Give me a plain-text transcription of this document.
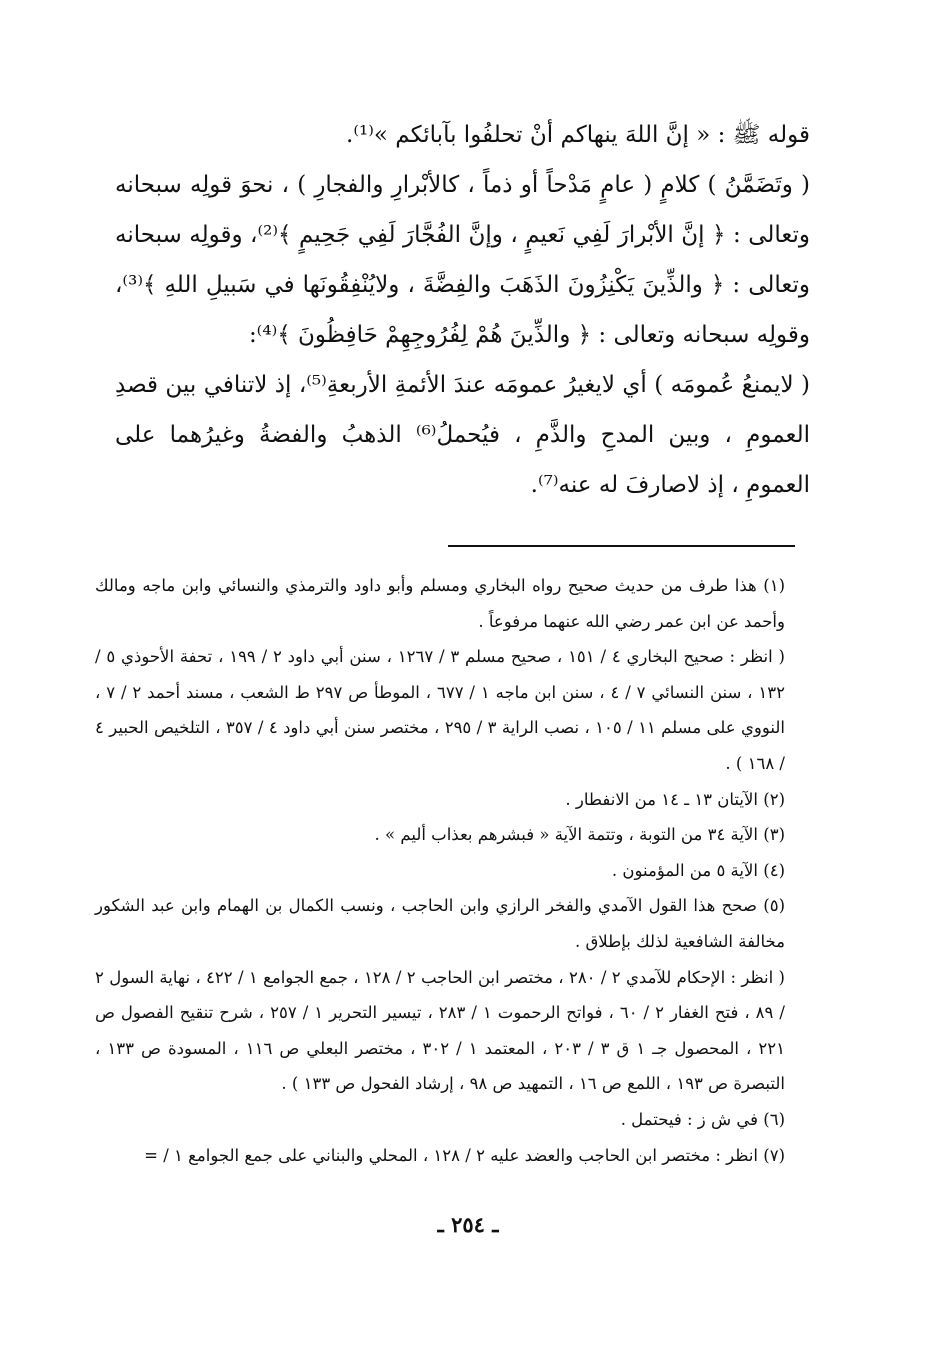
قوله ﷺ : « إنَّ اللهَ ينهاكم أنْ تحلفُوا بآبائكم »⁽¹⁾.

( وتَضَمَّنُ ) كلامٍ ( عامٍ مَدْحاً أو ذماً ، كالأبْرارِ والفجارِ ) ، نحوَ قولِه سبحانه وتعالى : ﴿ إنَّ الأبْرارَ لَفِي نَعيمٍ ، وإنَّ الفُجَّارَ لَفِي جَحِيمٍ ﴾⁽²⁾، وقولِه سبحانه وتعالى : ﴿ والذِّينَ يَكْنِزُونَ الذَهَبَ والفِضَّةَ ، ولايُنْفِقُونَها في سَبيلِ اللهِ ﴾⁽³⁾، وقولِه سبحانه وتعالى : ﴿ والذِّينَ هُمْ لِفُرُوجِهِمْ حَافِظُونَ ﴾⁽⁴⁾:

( لايمنعُ عُمومَه ) أي لايغيرُ عمومَه عندَ الأئمةِ الأربعةِ⁽⁵⁾، إذ لاتنافي بين قصدِ العمومِ ، وبين المدحِ والذَّمِ ، فيُحملُ⁽⁶⁾ الذهبُ والفضةُ وغيرُهما على العمومِ ، إذ لاصارفَ له عنه⁽⁷⁾.

(١) هذا طرف من حديث صحيح رواه البخاري ومسلم وأبو داود والترمذي والنسائي وابن ماجه ومالك وأحمد عن ابن عمر رضي الله عنهما مرفوعاً .

( انظر : صحيح البخاري ٤ / ١٥١ ، صحيح مسلم ٣ / ١٢٦٧ ، سنن أبي داود ٢ / ١٩٩ ، تحفة الأحوذي ٥ / ١٣٢ ، سنن النسائي ٧ / ٤ ، سنن ابن ماجه ١ / ٦٧٧ ، الموطأ ص ٢٩٧ ط الشعب ، مسند أحمد ٢ / ٧ ، النووي على مسلم ١١ / ١٠٥ ، نصب الراية ٣ / ٢٩٥ ، مختصر سنن أبي داود ٤ / ٣٥٧ ، التلخيص الحبير ٤ / ١٦٨ ) .

(٢) الآيتان ١٣ ـ ١٤ من الانفطار .

(٣) الآية ٣٤ من التوبة ، وتتمة الآية « فبشرهم بعذاب أليم » .

(٤) الآية ٥ من المؤمنون .

(٥) صحح هذا القول الآمدي والفخر الرازي وابن الحاجب ، ونسب الكمال بن الهمام وابن عبد الشكور مخالفة الشافعية لذلك بإطلاق .

( انظر : الإحكام للآمدي ٢ / ٢٨٠ ، مختصر ابن الحاجب ٢ / ١٢٨ ، جمع الجوامع ١ / ٤٢٢ ، نهاية السول ٢ / ٨٩ ، فتح الغفار ٢ / ٦٠ ، فواتح الرحموت ١ / ٢٨٣ ، تيسير التحرير ١ / ٢٥٧ ، شرح تنقيح الفصول ص ٢٢١ ، المحصول جـ ١ ق ٣ / ٢٠٣ ، المعتمد ١ / ٣٠٢ ، مختصر البعلي ص ١١٦ ، المسودة ص ١٣٣ ، التبصرة ص ١٩٣ ، اللمع ص ١٦ ، التمهيد ص ٩٨ ، إرشاد الفحول ص ١٣٣ ) .

(٦) في ش ز : فيحتمل .

(٧) انظر : مختصر ابن الحاجب والعضد عليه ٢ / ١٢٨ ، المحلي والبناني على جمع الجوامع ١ / =

ـ ٢٥٤ ـ
